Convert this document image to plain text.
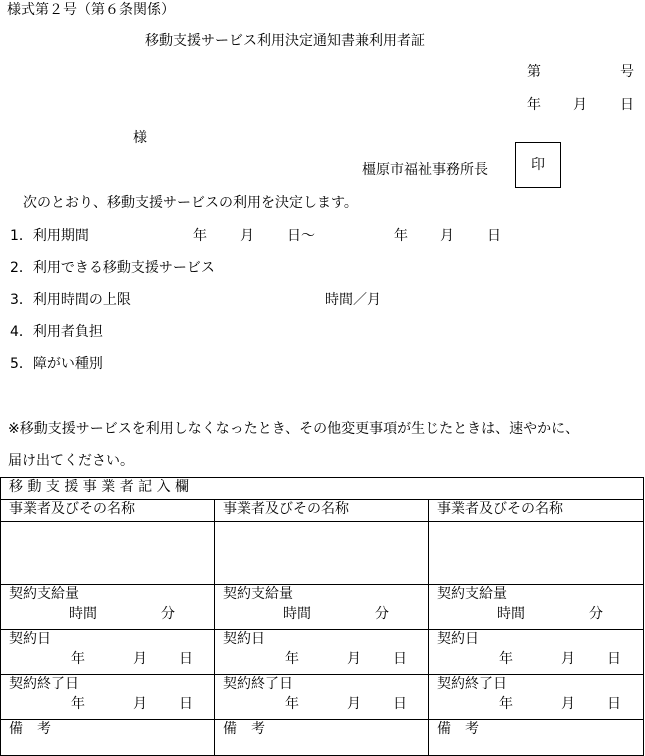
様式第２号（第６条関係）
移動支援サービス利用決定通知書兼利用者証
第	号
年 月 日
様
橿原市福祉事務所長	印
次のとおり、移動支援サービスの利用を決定します。
1．利用期間	年 月 日～	年 月 日
2．利用できる移動支援サービス
3．利用時間の上限	時間／月
4．利用者負担
5．障がい種別
※移動支援サービスを利用しなくなったとき、その他変更事項が生じたときは、速やかに、
届け出てください。
移 動 支 援 事 業 者 記 入 欄		
事業者及びその名称	事業者及びその名称	事業者及びその名称

契約支給量
時間 分	契約支給量
時間 分	契約支給量
時間 分

契約日
年 月 日	契約日
年 月 日	契約日
年 月 日

契約終了日
年 月 日	契約終了日
年 月 日	契約終了日
年 月 日

備　考	備　考	備　考
